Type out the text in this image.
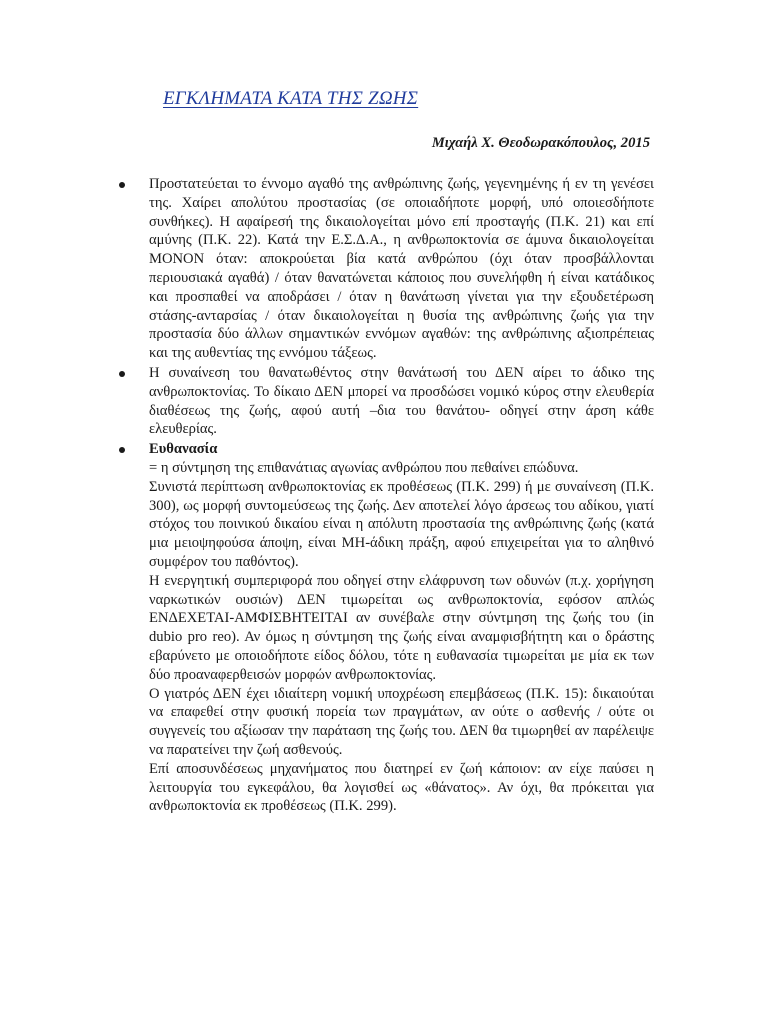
ΕΓΚΛΗΜΑΤΑ ΚΑΤΑ ΤΗΣ ΖΩΗΣ
Μιχαήλ Χ. Θεοδωρακόπουλος, 2015

Προστατεύεται το έννομο αγαθό της ανθρώπινης ζωής, γεγενημένης ή εν τη γενέσει της. Χαίρει απολύτου προστασίας (σε οποιαδήποτε μορφή, υπό οποιεσδήποτε συνθήκες). Η αφαίρεσή της δικαιολογείται μόνο επί προσταγής (Π.Κ. 21) και επί αμύνης (Π.Κ. 22). Κατά την Ε.Σ.Δ.Α., η ανθρωποκτονία σε άμυνα δικαιολογείται ΜΟΝΟΝ όταν: αποκρούεται βία κατά ανθρώπου (όχι όταν προσβάλλονται περιουσιακά αγαθά) / όταν θανατώνεται κάποιος που συνελήφθη ή είναι κατάδικος και προσπαθεί να αποδράσει / όταν η θανάτωση γίνεται για την εξουδετέρωση στάσης-ανταρσίας / όταν δικαιολογείται η θυσία της ανθρώπινης ζωής για την προστασία δύο άλλων σημαντικών εννόμων αγαθών: της ανθρώπινης αξιοπρέπειας και της αυθεντίας της εννόμου τάξεως.

Η συναίνεση του θανατωθέντος στην θανάτωσή του ΔΕΝ αίρει το άδικο της ανθρωποκτονίας. Το δίκαιο ΔΕΝ μπορεί να προσδώσει νομικό κύρος στην ελευθερία διαθέσεως της ζωής, αφού αυτή –δια του θανάτου- οδηγεί στην άρση κάθε ελευθερίας.

Ευθανασία

= η σύντμηση της επιθανάτιας αγωνίας ανθρώπου που πεθαίνει επώδυνα.

Συνιστά περίπτωση ανθρωποκτονίας εκ προθέσεως (Π.Κ. 299) ή με συναίνεση (Π.Κ. 300), ως μορφή συντομεύσεως της ζωής. Δεν αποτελεί λόγο άρσεως του αδίκου, γιατί στόχος του ποινικού δικαίου είναι η απόλυτη προστασία της ανθρώπινης ζωής (κατά μια μειοψηφούσα άποψη, είναι ΜΗ-άδικη πράξη, αφού επιχειρείται για το αληθινό συμφέρον του παθόντος).

Η ενεργητική συμπεριφορά που οδηγεί στην ελάφρυνση των οδυνών (π.χ. χορήγηση ναρκωτικών ουσιών) ΔΕΝ τιμωρείται ως ανθρωποκτονία, εφόσον απλώς ΕΝΔΕΧΕΤΑΙ-ΑΜΦΙΣΒΗΤΕΙΤΑΙ αν συνέβαλε στην σύντμηση της ζωής του (in dubio pro reo). Αν όμως η σύντμηση της ζωής είναι αναμφισβήτητη και ο δράστης εβαρύνετο με οποιοδήποτε είδος δόλου, τότε η ευθανασία τιμωρείται με μία εκ των δύο προαναφερθεισών μορφών ανθρωποκτονίας.

Ο γιατρός ΔΕΝ έχει ιδιαίτερη νομική υποχρέωση επεμβάσεως (Π.Κ. 15): δικαιούται να επαφεθεί στην φυσική πορεία των πραγμάτων, αν ούτε ο ασθενής / ούτε οι συγγενείς του αξίωσαν την παράταση της ζωής του. ΔΕΝ θα τιμωρηθεί αν παρέλειψε να παρατείνει την ζωή ασθενούς.

Επί αποσυνδέσεως μηχανήματος που διατηρεί εν ζωή κάποιον: αν είχε παύσει η λειτουργία του εγκεφάλου, θα λογισθεί ως «θάνατος». Αν όχι, θα πρόκειται για ανθρωποκτονία εκ προθέσεως (Π.Κ. 299).
